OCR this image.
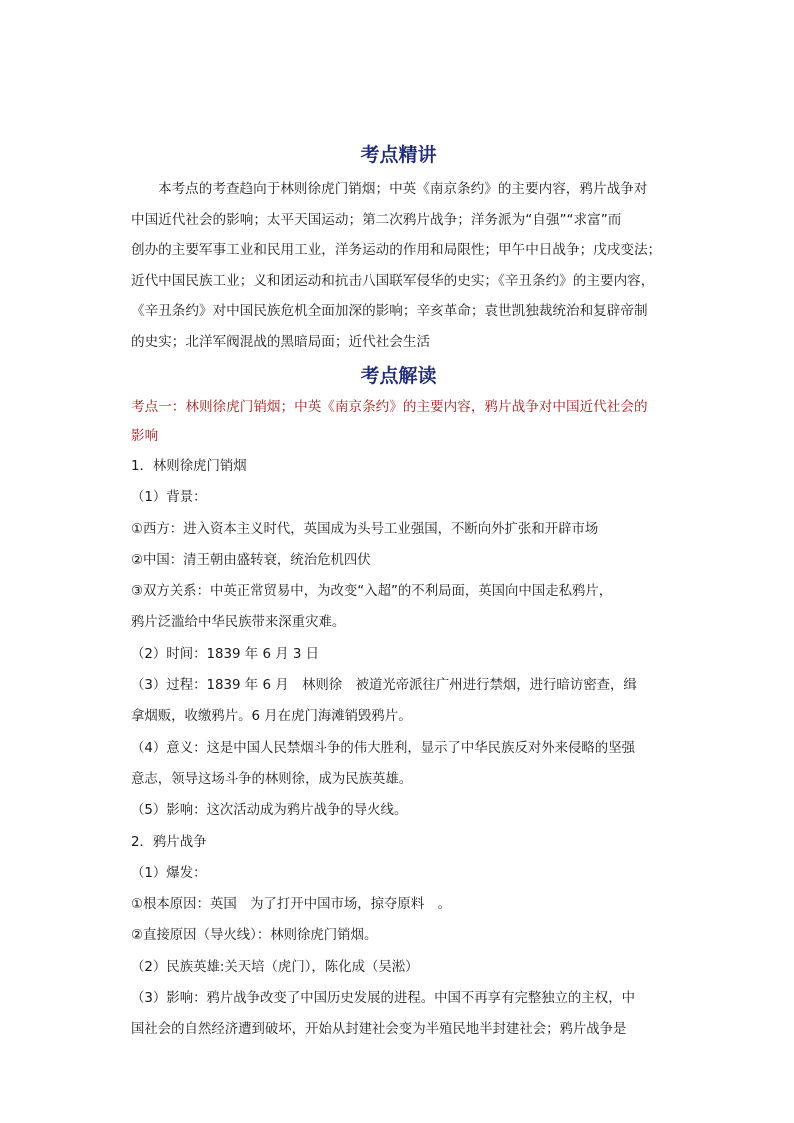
考点精讲

本考点的考查趋向于林则徐虎门销烟；中英《南京条约》的主要内容，鸦片战争对
中国近代社会的影响；太平天国运动；第二次鸦片战争；洋务派为“自强”“求富”而
创办的主要军事工业和民用工业，洋务运动的作用和局限性；甲午中日战争；戊戌变法；
近代中国民族工业；义和团运动和抗击八国联军侵华的史实；《辛丑条约》的主要内容，
《辛丑条约》对中国民族危机全面加深的影响；辛亥革命；袁世凯独裁统治和复辟帝制
的史实；北洋军阀混战的黑暗局面；近代社会生活

考点解读

考点一：林则徐虎门销烟；中英《南京条约》的主要内容，鸦片战争对中国近代社会的
影响

1．林则徐虎门销烟

（1）背景：

①西方：进入资本主义时代，英国成为头号工业强国，不断向外扩张和开辟市场

②中国：清王朝由盛转衰，统治危机四伏

③双方关系：中英正常贸易中，为改变“入超”的不利局面，英国向中国走私鸦片，

鸦片泛滥给中华民族带来深重灾难。

（2）时间：1839 年 6 月 3 日

（3）过程：1839 年 6 月　林则徐　被道光帝派往广州进行禁烟，进行暗访密查，缉

拿烟贩，收缴鸦片。6 月在虎门海滩销毁鸦片。

（4）意义：这是中国人民禁烟斗争的伟大胜利，显示了中华民族反对外来侵略的坚强

意志，领导这场斗争的林则徐，成为民族英雄。

（5）影响：这次活动成为鸦片战争的导火线。

2．鸦片战争

（1）爆发：

①根本原因：英国　为了打开中国市场，掠夺原料　。

②直接原因（导火线）：林则徐虎门销烟。

（2）民族英雄:关天培（虎门），陈化成（吴淞）

（3）影响：鸦片战争改变了中国历史发展的进程。中国不再享有完整独立的主权，中

国社会的自然经济遭到破坏，开始从封建社会变为半殖民地半封建社会；鸦片战争是
